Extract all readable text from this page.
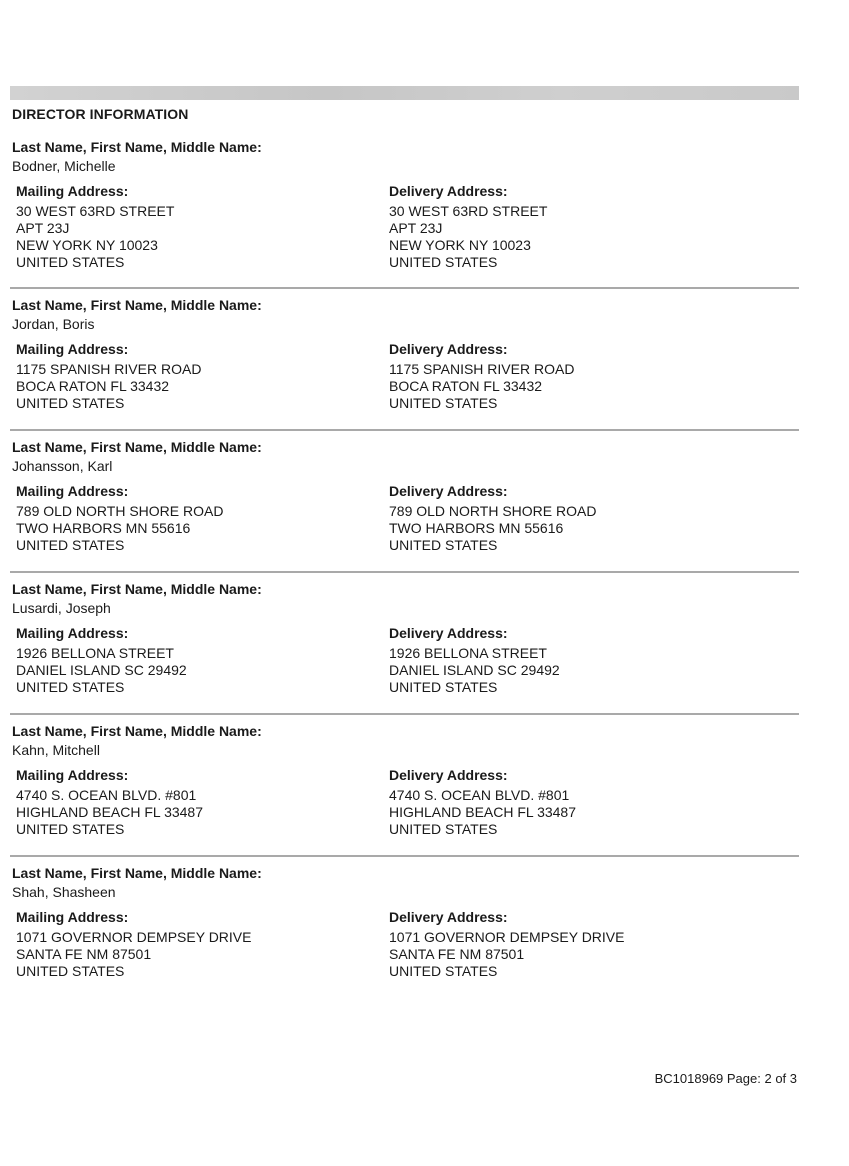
DIRECTOR INFORMATION
Last Name, First Name, Middle Name:
Bodner, Michelle
Mailing Address:
30 WEST 63RD STREET
APT 23J
NEW YORK NY 10023
UNITED STATES
Delivery Address:
30 WEST 63RD STREET
APT 23J
NEW YORK NY 10023
UNITED STATES
Last Name, First Name, Middle Name:
Jordan, Boris
Mailing Address:
1175 SPANISH RIVER ROAD
BOCA RATON FL 33432
UNITED STATES
Delivery Address:
1175 SPANISH RIVER ROAD
BOCA RATON FL 33432
UNITED STATES
Last Name, First Name, Middle Name:
Johansson, Karl
Mailing Address:
789 OLD NORTH SHORE ROAD
TWO HARBORS MN 55616
UNITED STATES
Delivery Address:
789 OLD NORTH SHORE ROAD
TWO HARBORS MN 55616
UNITED STATES
Last Name, First Name, Middle Name:
Lusardi, Joseph
Mailing Address:
1926 BELLONA STREET
DANIEL ISLAND SC 29492
UNITED STATES
Delivery Address:
1926 BELLONA STREET
DANIEL ISLAND SC 29492
UNITED STATES
Last Name, First Name, Middle Name:
Kahn, Mitchell
Mailing Address:
4740 S. OCEAN BLVD. #801
HIGHLAND BEACH FL 33487
UNITED STATES
Delivery Address:
4740 S. OCEAN BLVD. #801
HIGHLAND BEACH FL 33487
UNITED STATES
Last Name, First Name, Middle Name:
Shah, Shasheen
Mailing Address:
1071 GOVERNOR DEMPSEY DRIVE
SANTA FE NM 87501
UNITED STATES
Delivery Address:
1071 GOVERNOR DEMPSEY DRIVE
SANTA FE NM 87501
UNITED STATES
BC1018969 Page: 2 of 3
